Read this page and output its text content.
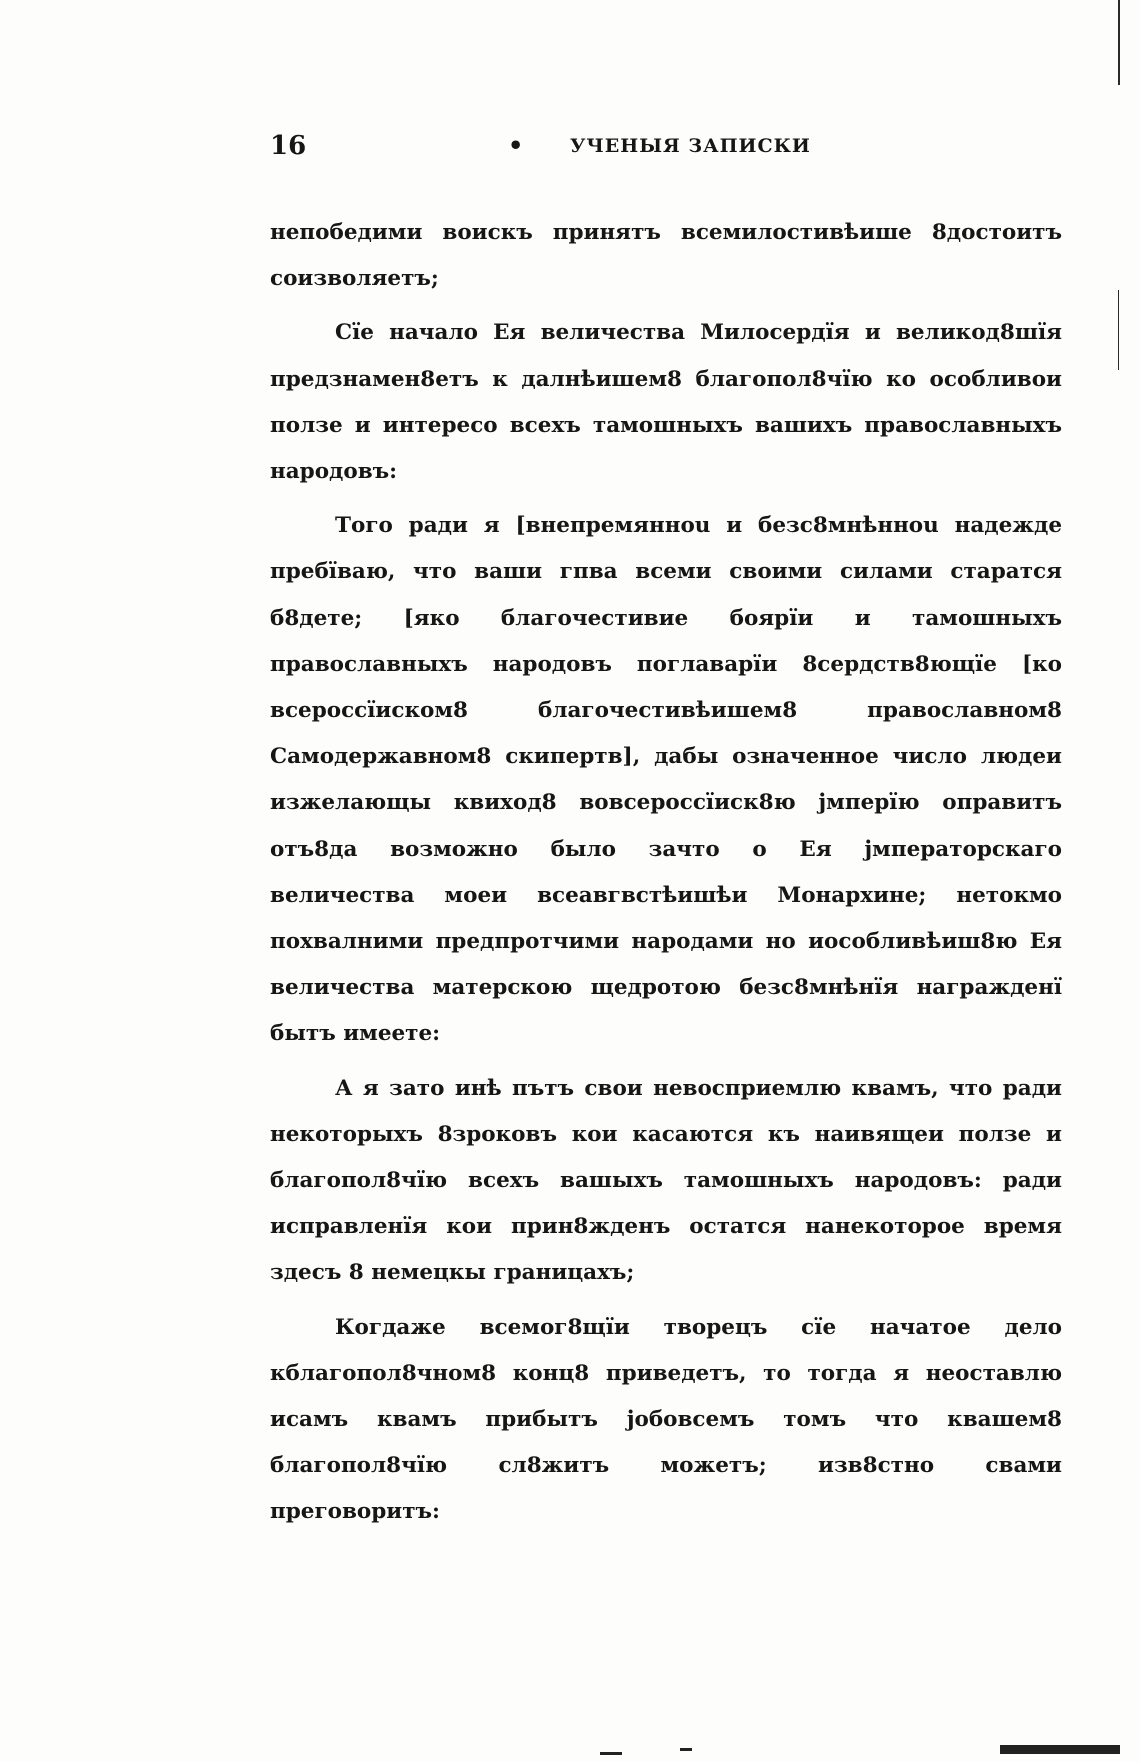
16	• УЧЕНЫЯ ЗАПИСКИ

непобедими воискъ принятъ всемилостивѣише 8достоитъ соизволяетъ;

Сїе начало Ея величества Милосердїя и великод8шїя предзнамен8етъ к далнѣишем8 благопол8чїю ко особливои ползе и интересо всехъ тамошныхъ вашихъ православныхъ народовъ:

Того ради я [внепремянноu и безс8мнѣнноu надежде пребїваю, что ваши гпва всеми своими силами старатся б8дете; [яко благочестивие боярїи и тамошныхъ православныхъ народовъ поглаварїи 8сердств8ющїе [ко всероссїиском8 благочестивѣишем8 православном8 Самодержавном8 скипертв], дабы означенное число людеи изжелающы квиход8 вовсероссїиск8ю jмперїю оправитъ отъ8да возможно было зачто о Ея jмператорскаго величества моеи всеавгвстѣишѣи Монархине; нетокмо похвалними предпротчими народами но иособливѣиш8ю Ея величества матерскою щедротою безс8мнѣнїя награжденї бытъ имеете:

А я зато инѣ пътъ свои невосприемлю квамъ, что ради некоторыхъ 8зроковъ кои касаются къ наивящеи ползе и благопол8чїю всехъ вашыхъ тамошныхъ народовъ: ради исправленїя кои прин8жденъ остатся нанекоторое время здесъ 8 немецкы границахъ;

Когдаже всемог8щїи творецъ сїе начатое дело кблагопол8чном8 конц8 приведетъ, то тогда я неоставлю исамъ квамъ прибытъ jобовсемъ томъ что квашем8 благопол8чїю сл8житъ можетъ; изв8стно свами преговоритъ:
